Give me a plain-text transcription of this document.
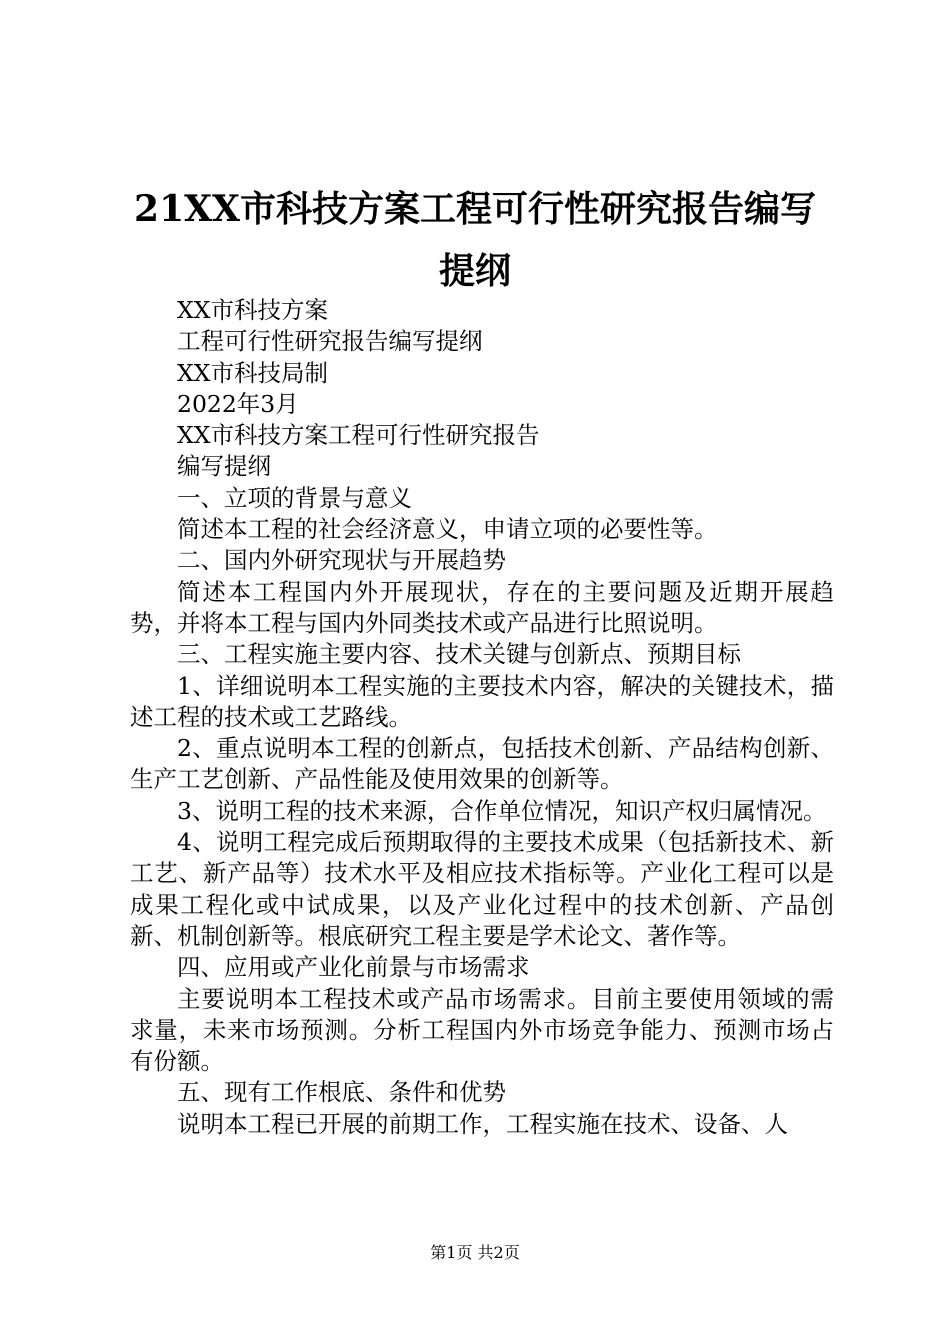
21XX市科技方案工程可行性研究报告编写提纲

XX市科技方案

工程可行性研究报告编写提纲

XX市科技局制

2022年3月

XX市科技方案工程可行性研究报告

编写提纲

一、立项的背景与意义

简述本工程的社会经济意义，申请立项的必要性等。

二、国内外研究现状与开展趋势

简述本工程国内外开展现状，存在的主要问题及近期开展趋势，并将本工程与国内外同类技术或产品进行比照说明。

三、工程实施主要内容、技术关键与创新点、预期目标

1、详细说明本工程实施的主要技术内容，解决的关键技术，描述工程的技术或工艺路线。

2、重点说明本工程的创新点，包括技术创新、产品结构创新、生产工艺创新、产品性能及使用效果的创新等。

3、说明工程的技术来源，合作单位情况，知识产权归属情况。

4、说明工程完成后预期取得的主要技术成果（包括新技术、新工艺、新产品等）技术水平及相应技术指标等。产业化工程可以是成果工程化或中试成果，以及产业化过程中的技术创新、产品创新、机制创新等。根底研究工程主要是学术论文、著作等。

四、应用或产业化前景与市场需求

主要说明本工程技术或产品市场需求。目前主要使用领域的需求量，未来市场预测。分析工程国内外市场竞争能力、预测市场占有份额。

五、现有工作根底、条件和优势

说明本工程已开展的前期工作，工程实施在技术、设备、人

第1页 共2页
